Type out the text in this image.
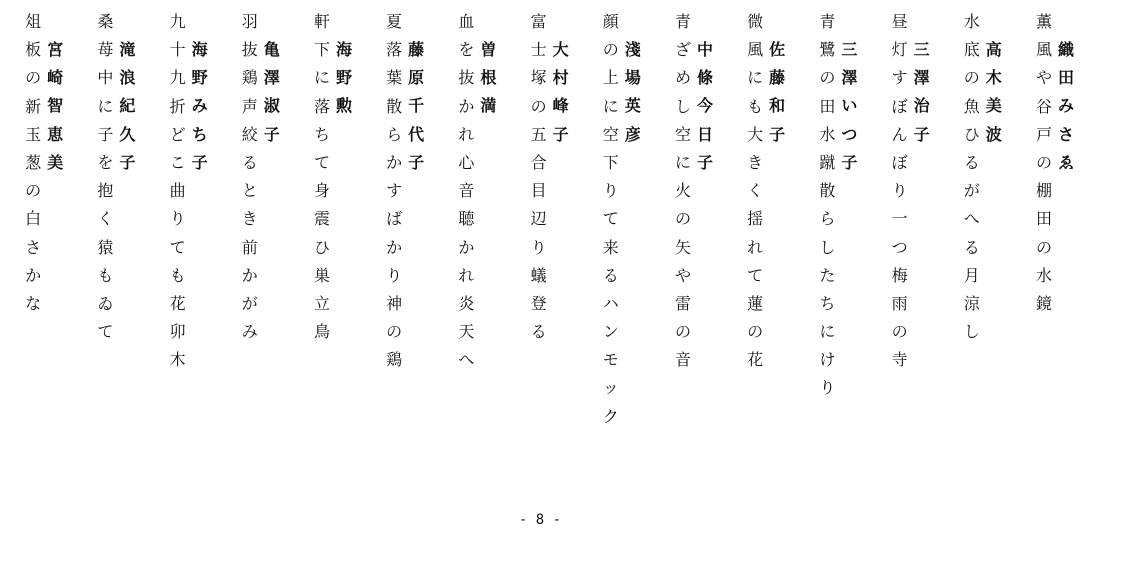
薫
風
や
谷
戸
の
棚
田
の
水
鏡
織
田
み
さ
ゑ
水
底
の
魚
ひ
る
が
へ
る
月
涼
し
高
木
美
波
昼
灯
す
ぼ
ん
ぼ
り
一
つ
梅
雨
の
寺
三
澤
治
子
青
鷺
の
田
水
蹴
散
ら
し
た
ち
に
け
り
三
澤
い
つ
子
微
風
に
も
大
き
く
揺
れ
て
蓮
の
花
佐
藤
和
子
青
ざ
め
し
空
に
火
の
矢
や
雷
の
音
中
條
今
日
子
顔
の
上
に
空
下
り
て
来
る
ハ
ン
モ
ッ
ク
淺
場
英
彦
富
士
塚
の
五
合
目
辺
り
蟻
登
る
大
村
峰
子
血
を
抜
か
れ
心
音
聴
か
れ
炎
天
へ
曽
根
満
夏
落
葉
散
ら
か
す
ば
か
り
神
の
鶏
藤
原
千
代
子
軒
下
に
落
ち
て
身
震
ひ
巣
立
鳥
海
野
勲
羽
抜
鶏
声
絞
る
と
き
前
か
が
み
亀
澤
淑
子
九
十
九
折
ど
こ
曲
り
て
も
花
卯
木
海
野
み
ち
子
桑
苺
中
に
子
を
抱
く
猿
も
ゐ
て
滝
浪
紀
久
子
俎
板
の
新
玉
葱
の
白
さ
か
な
宮
崎
智
恵
美
- 8 -
